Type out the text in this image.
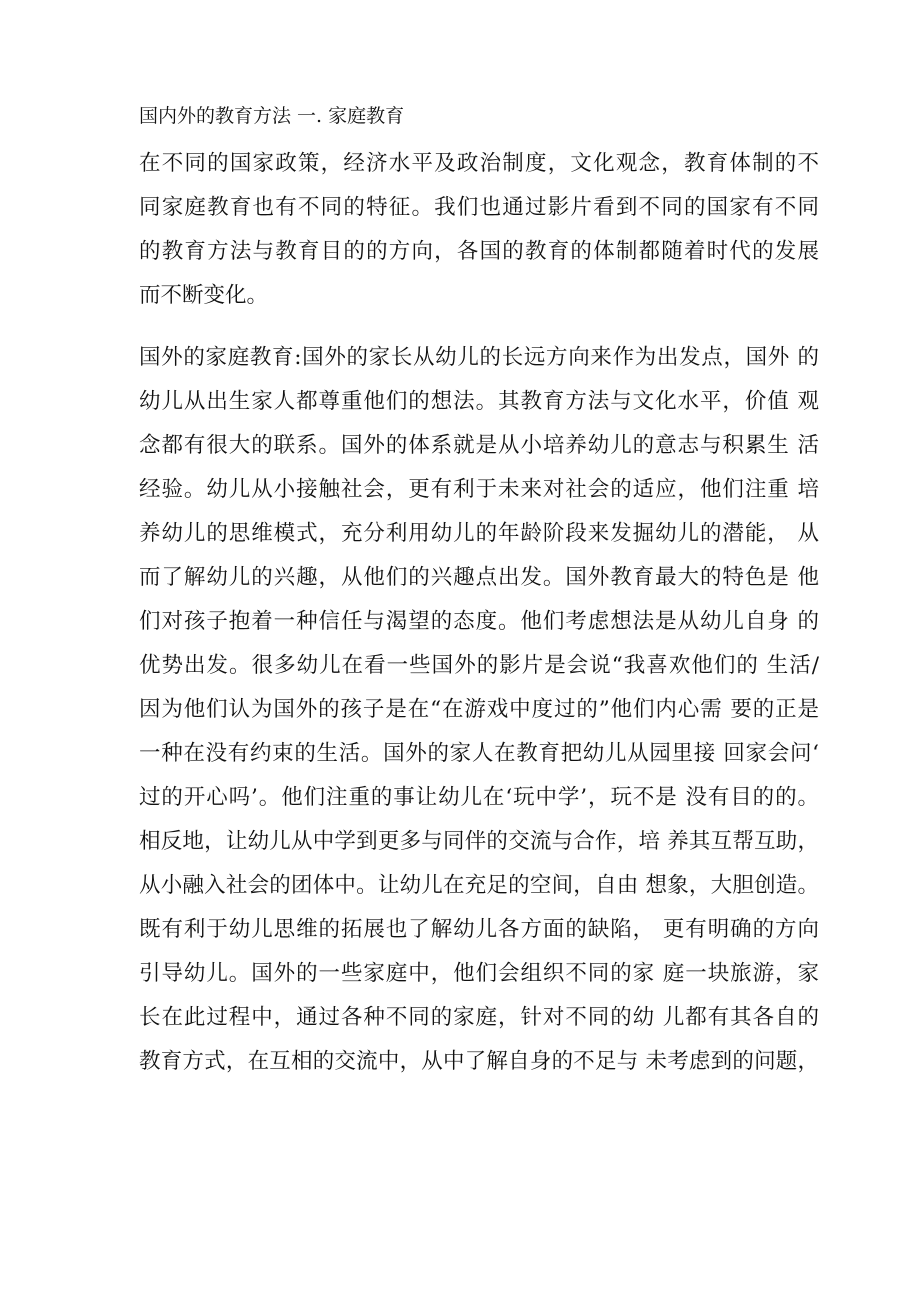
国内外的教育方法 一. 家庭教育
在不同的国家政策，经济水平及政治制度，文化观念，教育体制的不
同家庭教育也有不同的特征。我们也通过影片看到不同的国家有不同
的教育方法与教育目的的方向，各国的教育的体制都随着时代的发展
而不断变化。
国外的家庭教育:国外的家长从幼儿的长远方向来作为出发点，国外 的
幼儿从出生家人都尊重他们的想法。其教育方法与文化水平，价值 观
念都有很大的联系。国外的体系就是从小培养幼儿的意志与积累生 活
经验。幼儿从小接触社会，更有利于未来对社会的适应，他们注重 培
养幼儿的思维模式，充分利用幼儿的年龄阶段来发掘幼儿的潜能， 从
而了解幼儿的兴趣，从他们的兴趣点出发。国外教育最大的特色是 他
们对孩子抱着一种信任与渴望的态度。他们考虑想法是从幼儿自身 的
优势出发。很多幼儿在看一些国外的影片是会说“我喜欢他们的 生活/
因为他们认为国外的孩子是在“在游戏中度过的”他们内心需 要的正是
一种在没有约束的生活。国外的家人在教育把幼儿从园里接 回家会问‘
过的开心吗’。他们注重的事让幼儿在‘玩中学’，玩不是 没有目的的。
相反地，让幼儿从中学到更多与同伴的交流与合作，培 养其互帮互助，
从小融入社会的团体中。让幼儿在充足的空间，自由 想象，大胆创造。
既有利于幼儿思维的拓展也了解幼儿各方面的缺陷， 更有明确的方向
引导幼儿。国外的一些家庭中，他们会组织不同的家 庭一块旅游，家
长在此过程中，通过各种不同的家庭，针对不同的幼 儿都有其各自的
教育方式，在互相的交流中，从中了解自身的不足与 未考虑到的问题，
